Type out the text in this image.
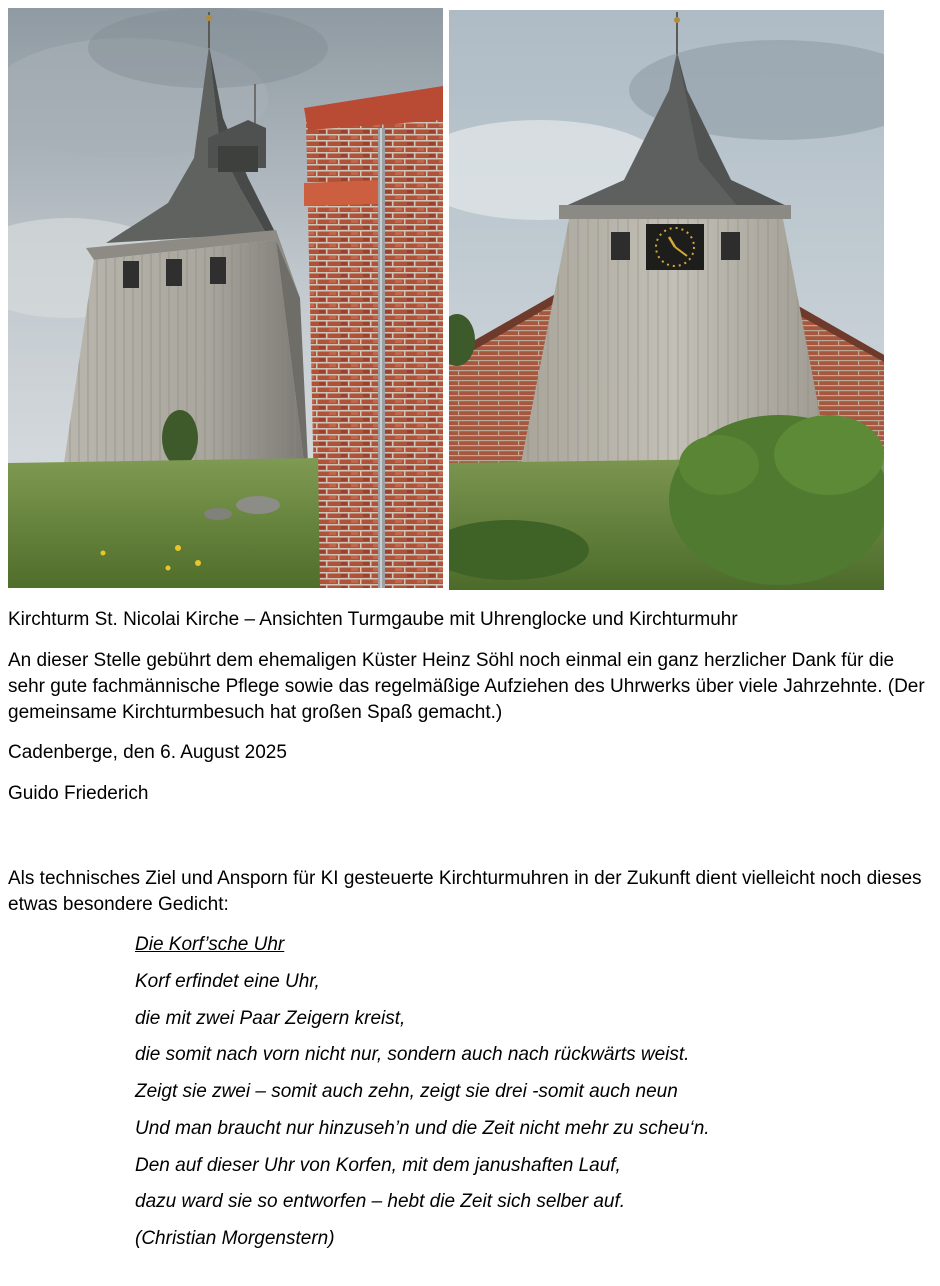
Kirchturm St. Nicolai Kirche – Ansichten Turmgaube mit Uhrenglocke und Kirchturmuhr
An dieser Stelle gebührt dem ehemaligen Küster Heinz Söhl noch einmal ein ganz herzlicher Dank für die sehr gute fachmännische Pflege sowie das regelmäßige Aufziehen des Uhrwerks über viele Jahrzehnte. (Der gemeinsame Kirchturmbesuch hat großen Spaß gemacht.)
Cadenberge, den 6. August 2025
Guido Friederich
Als technisches Ziel und Ansporn für KI gesteuerte Kirchturmuhren in der Zukunft dient vielleicht noch dieses etwas besondere Gedicht:
Die Korf’sche Uhr
Korf erfindet eine Uhr,
die mit zwei Paar Zeigern kreist,
die somit nach vorn nicht nur, sondern auch nach rückwärts weist.
Zeigt sie zwei – somit auch zehn, zeigt sie drei -somit auch neun
Und man braucht nur hinzuseh’n und die Zeit nicht mehr zu scheu‘n.
Den auf dieser Uhr von Korfen, mit dem janushaften Lauf,
dazu ward sie so entworfen – hebt die Zeit sich selber auf.
(Christian Morgenstern)
